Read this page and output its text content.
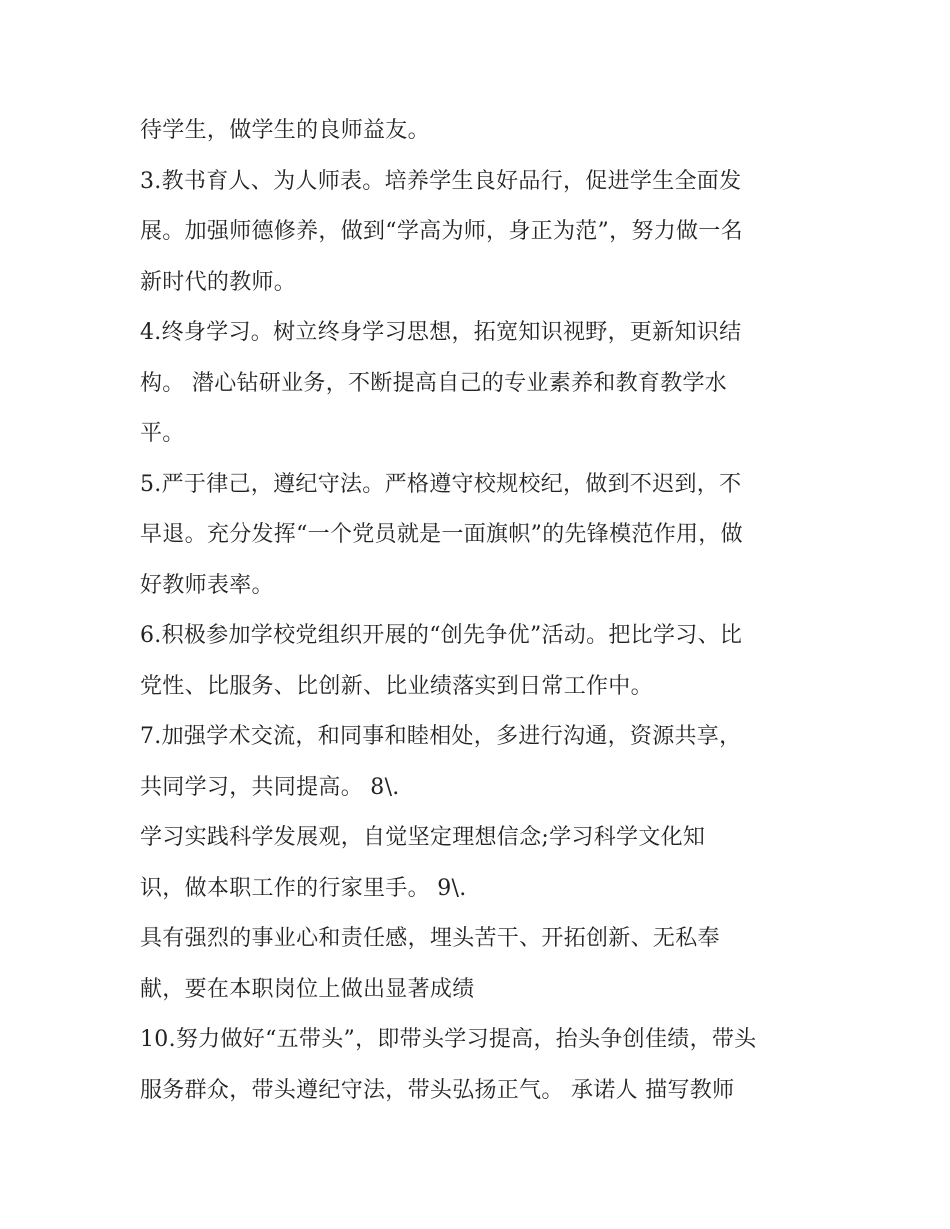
待学生，做学生的良师益友。
3.教书育人、为人师表。培养学生良好品行，促进学生全面发
展。加强师德修养，做到“学高为师，身正为范”，努力做一名
新时代的教师。
4.终身学习。树立终身学习思想，拓宽知识视野，更新知识结
构。 潜心钻研业务，不断提高自己的专业素养和教育教学水
平。
5.严于律己，遵纪守法。严格遵守校规校纪，做到不迟到，不
早退。充分发挥“一个党员就是一面旗帜”的先锋模范作用，做
好教师表率。
6.积极参加学校党组织开展的“创先争优”活动。把比学习、比
党性、比服务、比创新、比业绩落实到日常工作中。
7.加强学术交流，和同事和睦相处，多进行沟通，资源共享，
共同学习，共同提高。 8\.
学习实践科学发展观，自觉坚定理想信念;学习科学文化知
识，做本职工作的行家里手。 9\.
具有强烈的事业心和责任感，埋头苦干、开拓创新、无私奉
献，要在本职岗位上做出显著成绩
10.努力做好“五带头”，即带头学习提高，抬头争创佳绩，带头
服务群众，带头遵纪守法，带头弘扬正气。 承诺人 描写教师
